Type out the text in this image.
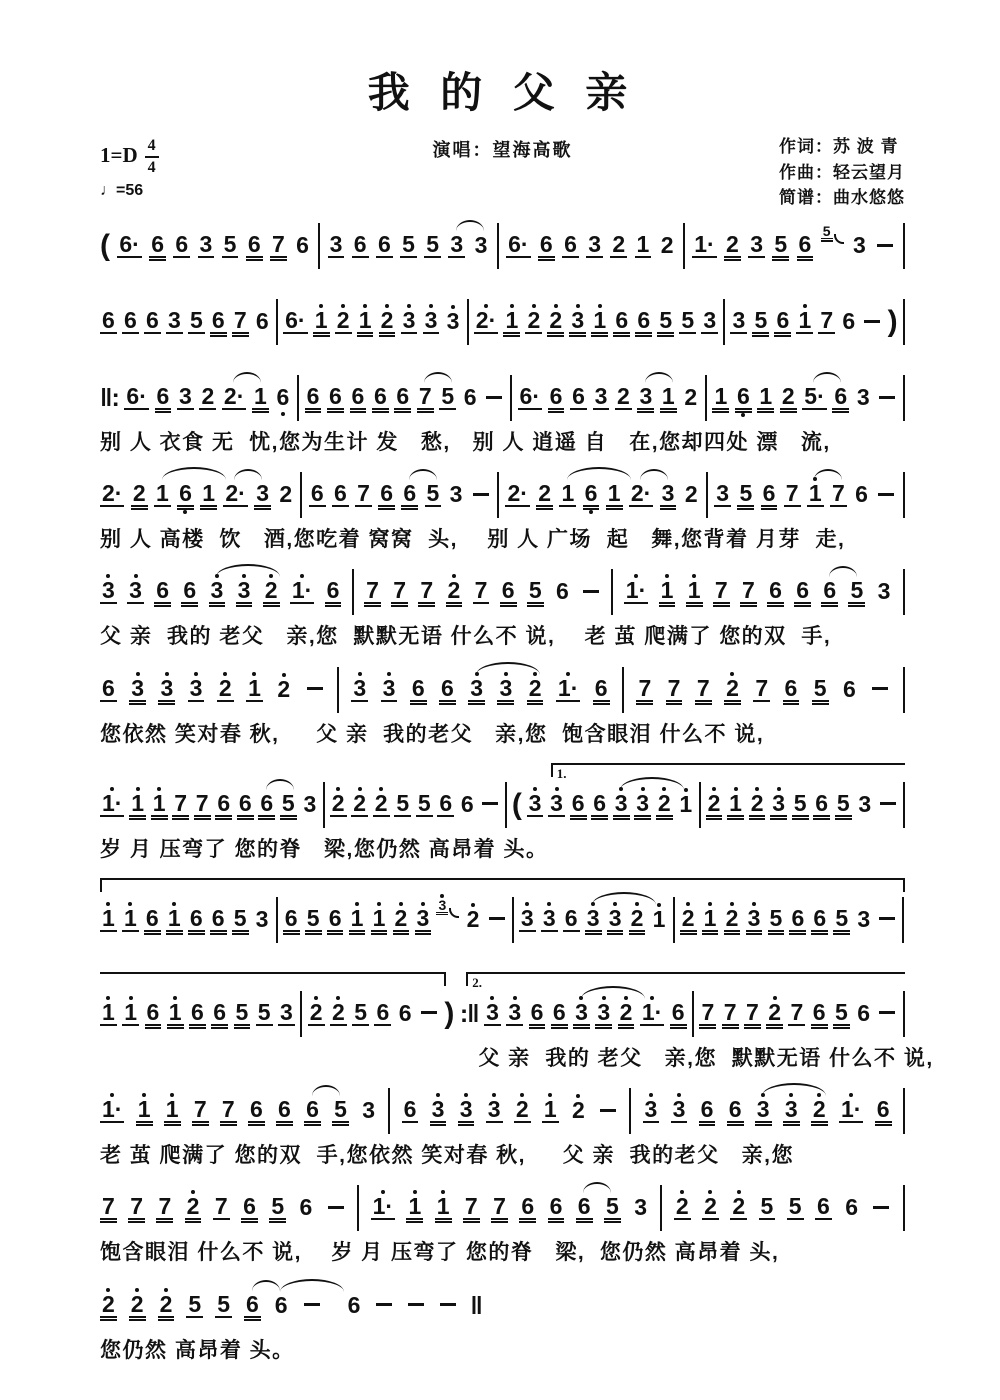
我 的 父 亲
演唱：望海高歌
$1=D \frac{4}{4}$
♩=56
作词：苏 波 青
作曲：轻云望月
简谱：曲水悠悠
( 6· 6 6 3 5 6 7 6 3 6 6 5 5 3 3 6· 6 6 3 2 1 2 1· 2 3 5 6 5
3
6 6 6 3 5 6 7 6 6· 1 2 1 2 3 3 3 2· 1 2 2 3 1 6 6 5 5 3 3 5 6 1 7 6 )
‖: 6· 6 3 2 2· 1 6 6 6 6 6 6 7 5 6 6· 6 6 3 2 3 1 2 1 6 1 2 5· 6 3
别 人 衣食 无  忧,您为生计 发   愁,   别 人 逍遥 自   在,您却四处 漂   流,
2· 2 1 6 1 2· 3 2 6 6 7 6 6 5 3 2· 2 1 6 1 2· 3 2 3 5 6 7 1 7 6
别 人 高楼  饮   酒,您吃着 窝窝  头,    别 人 广场  起   舞,您背着 月芽  走,
3 3 6 6 3 3 2 1· 6 7 7 7 2 7 6 5 6 1· 1 1 7 7 6 6 6 5 3
父 亲  我的 老父   亲,您  默默无语 什么不 说,    老 茧 爬满了 您的双  手,
6 3 3 3 2 1 2	3 3 6 6 3 3 2 1· 6 7 7 7 2 7 6 5 6
您依然 笑对春 秋,     父 亲  我的老父   亲,您  饱含眼泪 什么不 说,
1.
1· 1 1 7 7 6 6 6 5 3 2 2 2 5 5 6 6 ( 3 3 6 6 3 3 2 1 2 1 2 3 5 6 5 3
岁 月 压弯了 您的脊   梁,您仍然 高昂着 头。
1 1 6 1 6 6 5 3 6 5 6 1 1 2 3 3
2 3 3 6 3 3 2 1 2 1 2 3 5 6 6 5 3
2.
1 1 6 1 6 6 5 5 3 2 2 5 6 6 ) :‖ 3 3 6 6 3 3 2 1· 6 7 7 7 2 7 6 5 6
父 亲  我的 老父   亲,您  默默无语 什么不 说,
1· 1 1 7 7 6 6 6 5 3 6 3 3 3 2 1 2	3 3 6 6 3 3 2 1· 6
老 茧 爬满了 您的双  手,您依然 笑对春 秋,     父 亲  我的老父   亲,您
7 7 7 2 7 6 5 6	1· 1 1 7 7 6 6 6 5 3 2 2 2 5 5 6 6
饱含眼泪 什么不 说,    岁 月 压弯了 您的脊   梁,  您仍然 高昂着 头,
2 2 2 5 5 6 6	6	‖
您仍然 高昂着 头。
